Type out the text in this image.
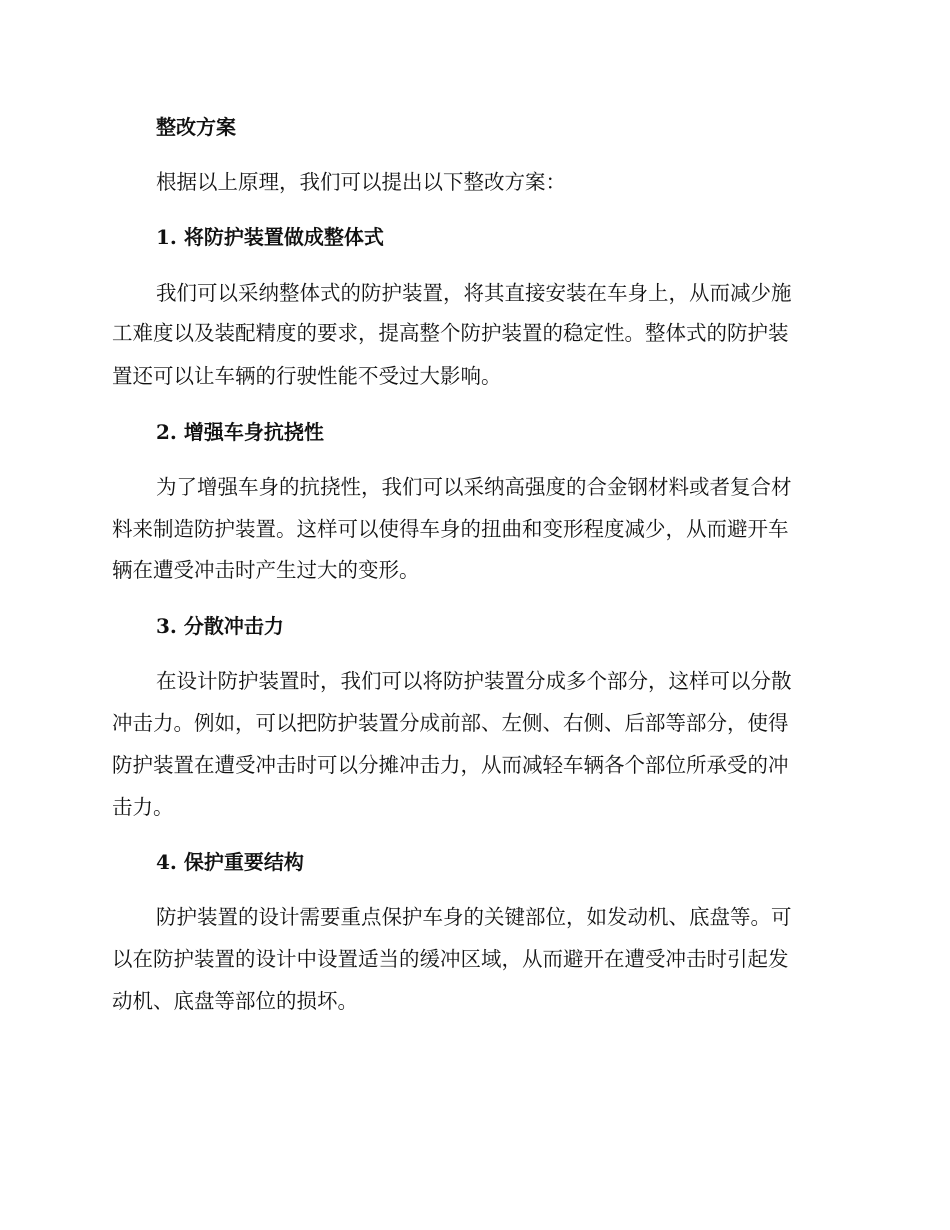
整改方案
根据以上原理，我们可以提出以下整改方案：
1. 将防护装置做成整体式
我们可以采纳整体式的防护装置，将其直接安装在车身上，从而减少施
工难度以及装配精度的要求，提高整个防护装置的稳定性。整体式的防护装
置还可以让车辆的行驶性能不受过大影响。
2. 增强车身抗挠性
为了增强车身的抗挠性，我们可以采纳高强度的合金钢材料或者复合材
料来制造防护装置。这样可以使得车身的扭曲和变形程度减少，从而避开车
辆在遭受冲击时产生过大的变形。
3. 分散冲击力
在设计防护装置时，我们可以将防护装置分成多个部分，这样可以分散
冲击力。例如，可以把防护装置分成前部、左侧、右侧、后部等部分，使得
防护装置在遭受冲击时可以分摊冲击力，从而减轻车辆各个部位所承受的冲
击力。
4. 保护重要结构
防护装置的设计需要重点保护车身的关键部位，如发动机、底盘等。可
以在防护装置的设计中设置适当的缓冲区域，从而避开在遭受冲击时引起发
动机、底盘等部位的损坏。
